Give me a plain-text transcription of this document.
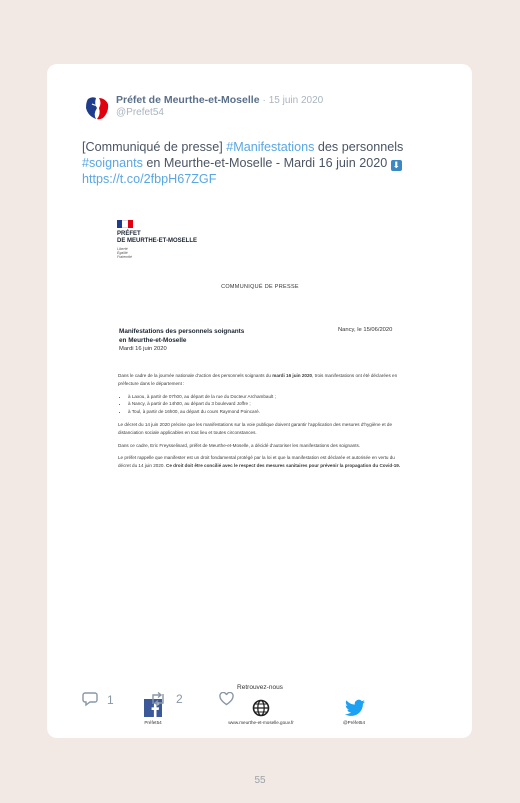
Préfet de Meurthe-et-Moselle · 15 juin 2020
@Prefet54
[Communiqué de presse] #Manifestations des personnels
#soignants en Meurthe-et-Moselle - Mardi 16 juin 2020 ⬇
https://t.co/2fbpH67ZGF
PRÉFET
DE MEURTHE-ET-MOSELLE
Liberté
Égalité
Fraternité
COMMUNIQUÉ DE PRESSE
Manifestations des personnels soignants
en Meurthe-et-Moselle
Mardi 16 juin 2020
Nancy, le 15/06/2020

Dans le cadre de la journée nationale d’action des personnels soignants du mardi 16 juin 2020, trois manifestations ont été déclarées en préfecture dans le département :

• à Laxou, à partir de 07h00, au départ de la rue du Docteur Archambault ;
• à Nancy, à partir de 14h00, au départ du 3 boulevard Joffre ;
• à Toul, à partir de 16h00, au départ du cours Raymond Poincaré.

Le décret du 14 juin 2020 précise que les manifestations sur la voie publique doivent garantir l’application des mesures d’hygiène et de distanciation sociale applicables en tout lieu et toutes circonstances.

Dans ce cadre, Eric Freysselinard, préfet de Meurthe-et-Moselle, a décidé d’autoriser les manifestations des soignants.

Le préfet rappelle que manifester est un droit fondamental protégé par la loi et que la manifestation est déclarée et autorisée en vertu du décret du 14 juin 2020. Ce droit doit être concilié avec le respect des mesures sanitaires pour prévenir la propagation du Covid-19.

Retrouvez-nous
Préfet54	www.meurthe-et-moselle.gouv.fr	@Préfet54
1	2
55
